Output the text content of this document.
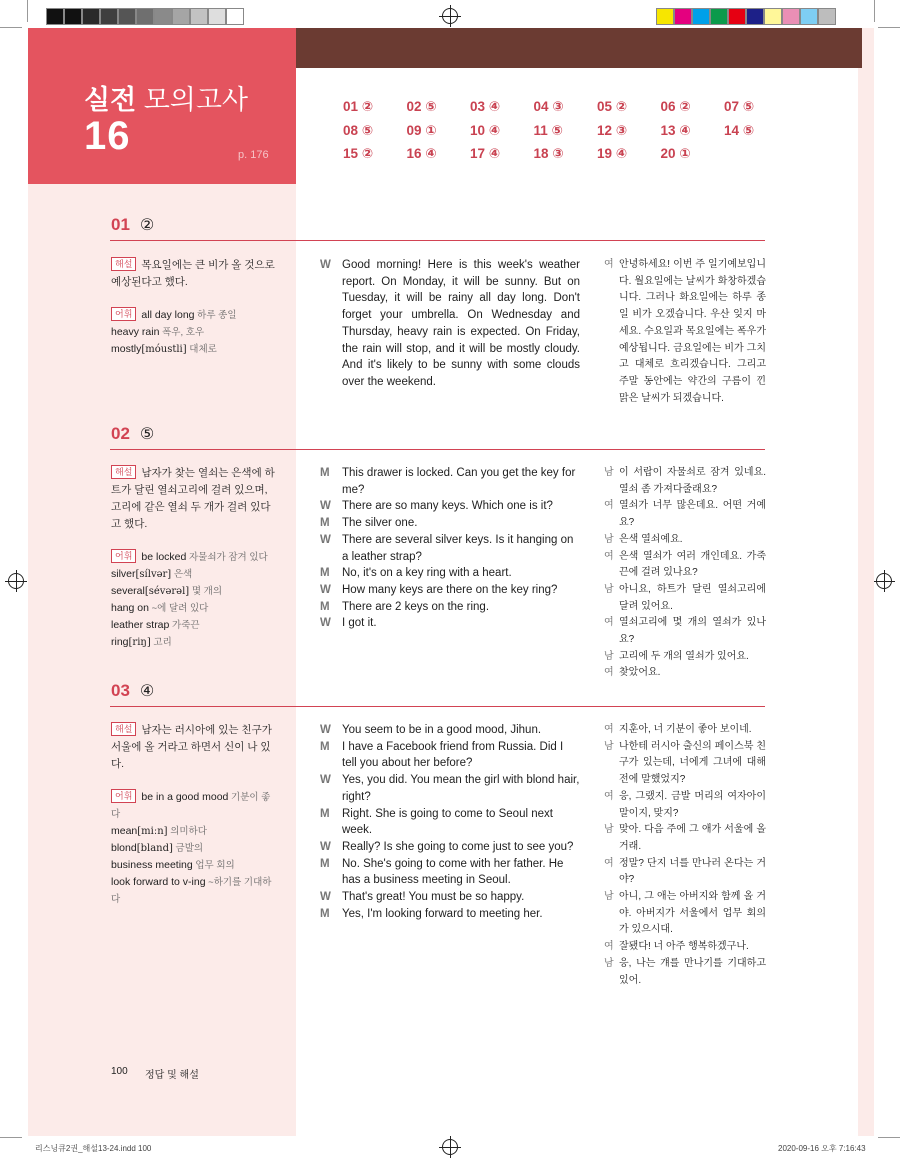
실전 모의고사
16	p. 176
01 ② 02 ⑤ 03 ④ 04 ③ 05 ② 06 ② 07 ⑤
08 ⑤ 09 ① 10 ④ 11 ⑤	12 ③ 13 ④ 14 ⑤
15 ② 16 ④ 17 ④ 18 ③ 19 ④ 20 ①
01 ②
해설 목요일에는 큰 비가 올 것으로 예상된다고 했다.
어휘 all day long 하루 종일
heavy rain 폭우, 호우
mostly[móustli] 대체로
W Good morning! Here is this week's weather report. On Monday, it will be sunny. But on Tuesday, it will be rainy all day long. Don't forget your umbrella. On Wednesday and Thursday, heavy rain is expected. On Friday, the rain will stop, and it will be mostly cloudy. And it's likely to be sunny with some clouds over the weekend.
여 안녕하세요! 이번 주 일기예보입니다. 월요일에는 날씨가 화창하겠습니다. 그러나 화요일에는 하루 종일 비가 오겠습니다. 우산 잊지 마세요. 수요일과 목요일에는 폭우가 예상됩니다. 금요일에는 비가 그치고 대체로 흐리겠습니다. 그리고 주말 동안에는 약간의 구름이 낀 맑은 날씨가 되겠습니다.
02 ⑤
해설 남자가 찾는 열쇠는 은색에 하트가 달린 열쇠고리에 걸려 있으며, 고리에 같은 열쇠 두 개가 걸려 있다고 했다.
어휘 be locked 자물쇠가 잠겨 있다
silver[sílvər] 은색
several[sévərəl] 몇 개의
hang on ~에 달려 있다
leather strap 가죽끈
ring[riŋ] 고리
M	This drawer is locked. Can you get the key for me?
W There are so many keys. Which one is it?
M	The silver one.
W There are several silver keys. Is it hanging on a leather strap?
M	No, it's on a key ring with a heart.
W How many keys are there on the key ring?
M	There are 2 keys on the ring.
W I got it.
남 이 서랍이 자물쇠로 잠겨 있네요. 열쇠 좀 가져다줄래요?
여 열쇠가 너무 많은데요. 어떤 거예요?
남 은색 열쇠예요.
여 은색 열쇠가 여러 개인데요. 가죽끈에 걸려 있나요?
남 아니요, 하트가 달린 열쇠고리에 달려 있어요.
여 열쇠고리에 몇 개의 열쇠가 있나요?
남 고리에 두 개의 열쇠가 있어요.
여 찾았어요.
03 ④
해설 남자는 러시아에 있는 친구가 서울에 올 거라고 하면서 신이 나 있다.
어휘 be in a good mood 기분이 좋다
mean[miːn] 의미하다
blond[bland] 금발의
business meeting 업무 회의
look forward to v-ing ~하기를 기대하다
W You seem to be in a good mood, Jihun.
M	I have a Facebook friend from Russia. Did I tell you about her before?
W Yes, you did. You mean the girl with blond hair, right?
M	Right. She is going to come to Seoul next week.
W Really? Is she going to come just to see you?
M	No. She's going to come with her father. He has a business meeting in Seoul.
W That's great! You must be so happy.
M	Yes, I'm looking forward to meeting her.
여 지훈아, 너 기분이 좋아 보이네.
남 나한테 러시아 출신의 페이스북 친구가 있는데, 너에게 그녀에 대해 전에 말했었지?
여 응, 그랬지. 금발 머리의 여자아이 말이지, 맞지?
남 맞아. 다음 주에 그 애가 서울에 올 거래.
여 정말? 단지 너를 만나러 온다는 거야?
남 아니, 그 애는 아버지와 함께 올 거야. 아버지가 서울에서 업무 회의가 있으시대.
여 잘됐다! 너 아주 행복하겠구나.
남 응, 나는 걔를 만나기를 기대하고 있어.
100 정답 및 해설
리스닝큐2권_해설13-24.indd 100	2020-09-16 오후 7:16:43
